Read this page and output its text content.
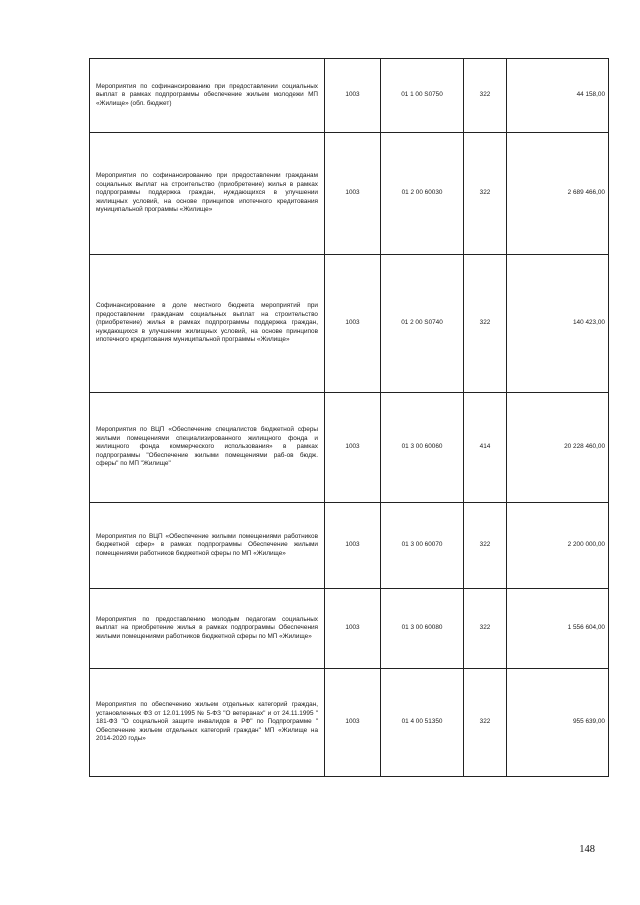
Мероприятия по софинансированию при предоставлении социальных выплат в рамках подпрограммы обеспечение жильем молодежи МП «Жилище» (обл. бюджет)	1003	01 1 00 S0750	322	44 158,00

Мероприятия по софинансированию при предоставлении гражданам социальных выплат на строительство (приобретение) жилья в рамках подпрограммы поддержка граждан, нуждающихся в улучшении жилищных условий, на основе принципов ипотечного кредитования муниципальной программы «Жилище»	1003	01 2 00 60030	322	2 689 466,00

Софинансирование в доле местного бюджета мероприятий при предоставлении гражданам социальных выплат на строительство (приобретение) жилья в рамках подпрограммы поддержка граждан, нуждающихся в улучшении жилищных условий, на основе принципов ипотечного кредитования муниципальной программы «Жилище»	1003	01 2 00 S0740	322	140 423,00

Мероприятия по ВЦП «Обеспечение специалистов бюджетной сферы жилыми помещениями специализированного жилищного фонда и жилищного фонда коммерческого использования» в рамках подпрограммы "Обеспечение жилыми помещениями раб-ов бюдж. сферы" по МП "Жилище"	1003	01 3 00 60060	414	20 228 460,00

Мероприятия по ВЦП «Обеспечение жилыми помещениями работников бюджетной сфер» в рамках подпрограммы Обеспечение жилыми помещениями работников бюджетной сферы по МП «Жилище»	1003	01 3 00 60070	322	2 200 000,00

Мероприятия по предоставлению молодым педагогам социальных выплат на приобретение жилья в рамках подпрограммы Обеспечения жилыми помещениями работников бюджетной сферы по МП «Жилище»	1003	01 3 00 60080	322	1 556 604,00

Мероприятия по обеспечению жильем отдельных категорий граждан, установленных ФЗ от 12.01.1995 № 5-ФЗ "О ветеранах" и от 24.11.1995 " 181-ФЗ "О социальной защите инвалидов в РФ" по Подпрограмме " Обеспечение жильем отдельных категорий граждан" МП «Жилище на 2014-2020 годы»	1003	01 4 00 51350	322	955 639,00
148
